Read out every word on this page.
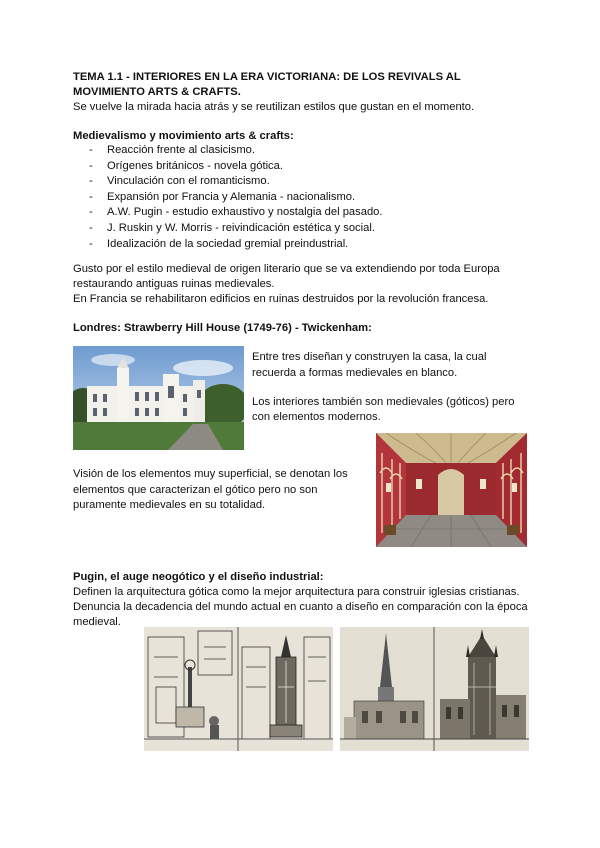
TEMA 1.1 - INTERIORES EN LA ERA VICTORIANA: DE LOS REVIVALS AL
MOVIMIENTO ARTS & CRAFTS.
Se vuelve la mirada hacia atrás y se reutilizan estilos que gustan en el momento.
Medievalismo y movimiento arts & crafts:
- Reacción frente al clasicismo.
- Orígenes británicos - novela gótica.
- Vinculación con el romanticismo.
- Expansión por Francia y Alemania - nacionalismo.
- A.W. Pugin - estudio exhaustivo y nostalgia del pasado.
- J. Ruskin y W. Morris - reivindicación estética y social.
- Idealización de la sociedad gremial preindustrial.
Gusto por el estilo medieval de origen literario que se va extendiendo por toda Europa
restaurando antiguas ruinas medievales.
En Francia se rehabilitaron edificios en ruinas destruidos por la revolución francesa.
Londres: Strawberry Hill House (1749-76) - Twickenham:
Entre tres diseñan y construyen la casa, la cual
recuerda a formas medievales en blanco.
Los interiores también son medievales (góticos) pero
con elementos modernos.
Visión de los elementos muy superficial, se denotan los
elementos que caracterizan el gótico pero no son
puramente medievales en su totalidad.
Pugin, el auge neogótico y el diseño industrial:
Definen la arquitectura gótica como la mejor arquitectura para construir iglesias cristianas.
Denuncia la decadencia del mundo actual en cuanto a diseño en comparación con la época
medieval.
